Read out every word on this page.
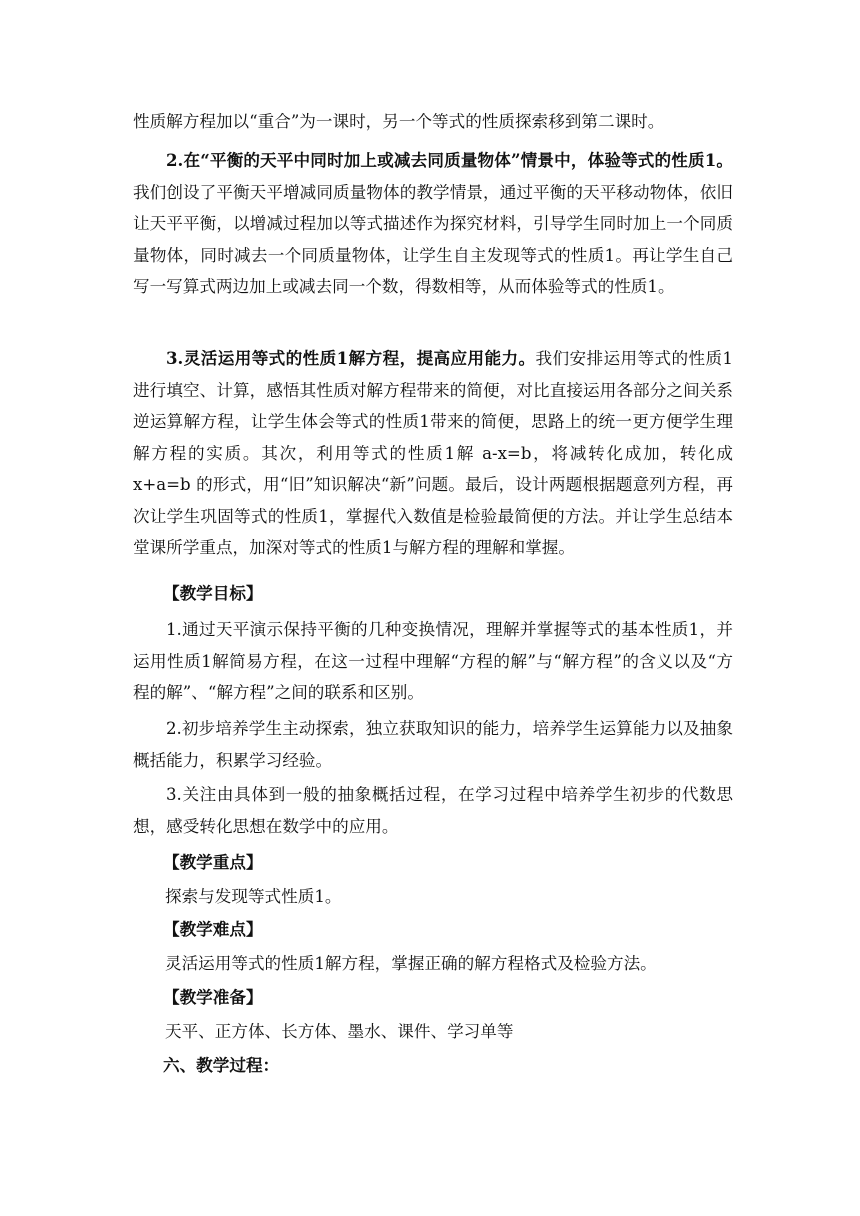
性质解方程加以“重合”为一课时，另一个等式的性质探索移到第二课时。

2.在“平衡的天平中同时加上或减去同质量物体”情景中，体验等式的性质1。我们创设了平衡天平增减同质量物体的教学情景，通过平衡的天平移动物体，依旧让天平平衡，以增减过程加以等式描述作为探究材料，引导学生同时加上一个同质量物体，同时减去一个同质量物体，让学生自主发现等式的性质1。再让学生自己写一写算式两边加上或减去同一个数，得数相等，从而体验等式的性质1。

3.灵活运用等式的性质1解方程，提高应用能力。我们安排运用等式的性质1进行填空、计算，感悟其性质对解方程带来的简便，对比直接运用各部分之间关系逆运算解方程，让学生体会等式的性质1带来的简便，思路上的统一更方便学生理解方程的实质。其次，利用等式的性质1解 a-x=b，将减转化成加，转化成 x+a=b 的形式，用“旧”知识解决“新”问题。最后，设计两题根据题意列方程，再次让学生巩固等式的性质1，掌握代入数值是检验最简便的方法。并让学生总结本堂课所学重点，加深对等式的性质1与解方程的理解和掌握。

【教学目标】

1.通过天平演示保持平衡的几种变换情况，理解并掌握等式的基本性质1，并运用性质1解简易方程，在这一过程中理解“方程的解”与“解方程”的含义以及“方程的解”、“解方程”之间的联系和区别。

2.初步培养学生主动探索，独立获取知识的能力，培养学生运算能力以及抽象概括能力，积累学习经验。

3.关注由具体到一般的抽象概括过程，在学习过程中培养学生初步的代数思想，感受转化思想在数学中的应用。

【教学重点】

探索与发现等式性质1。

【教学难点】

灵活运用等式的性质1解方程，掌握正确的解方程格式及检验方法。

【教学准备】

天平、正方体、长方体、墨水、课件、学习单等

六、教学过程：
